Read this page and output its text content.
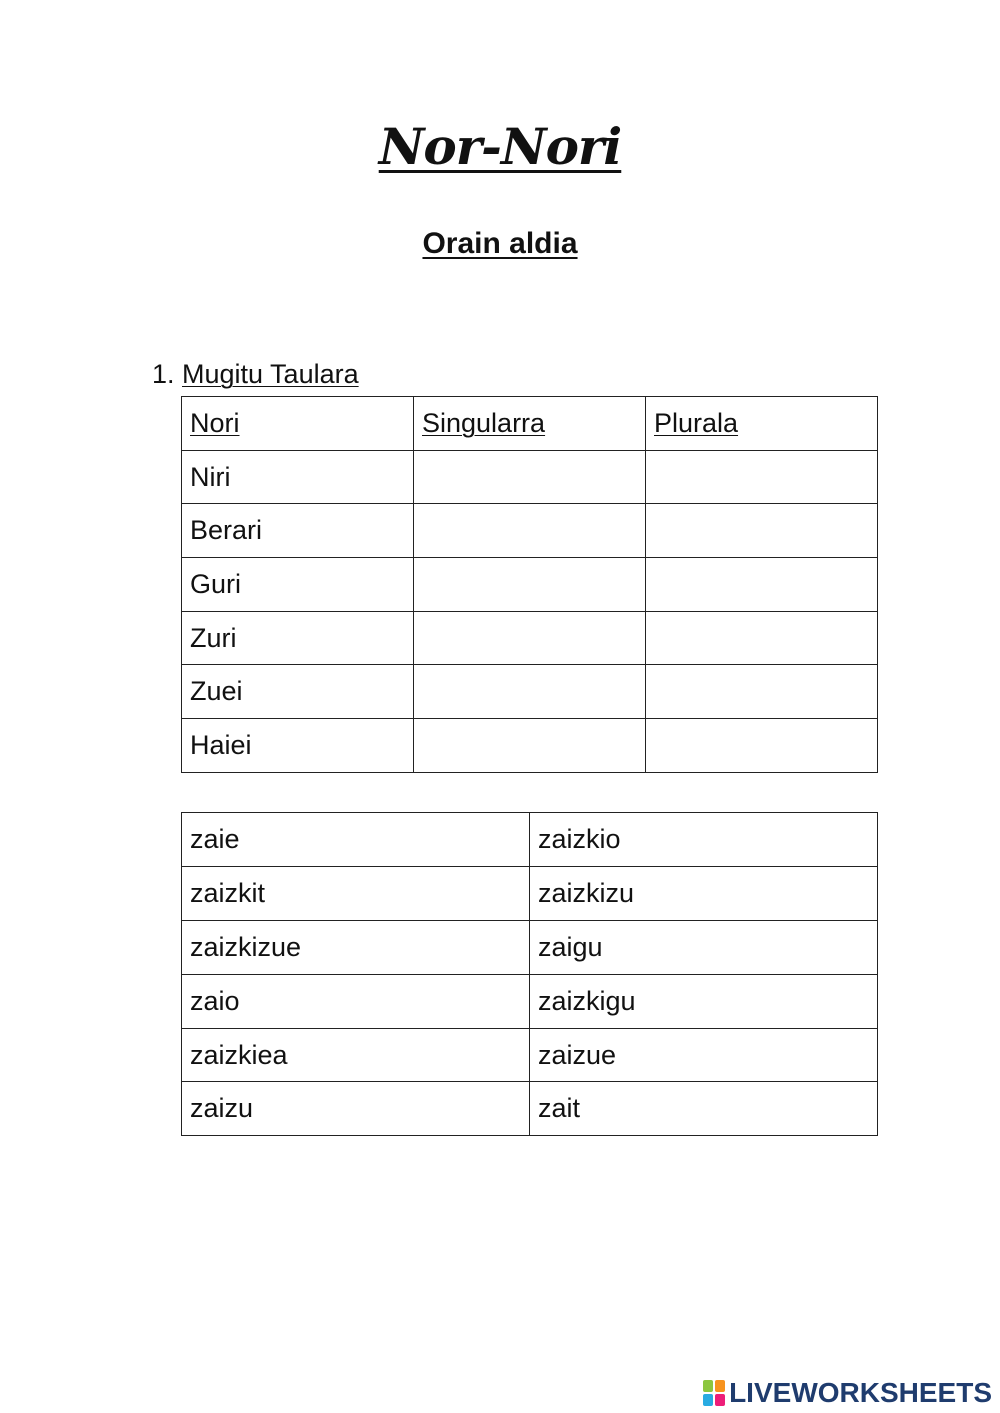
Nor-Nori
Orain aldia
1. Mugitu Taulara
Nori	Singularra	Plurala
Niri		
Berari		
Guri		
Zuri		
Zuei		
Haiei		
zaie	zaizkio
zaizkit	zaizkizu
zaizkizue	zaigu
zaio	zaizkigu
zaizkiea	zaizue
zaizu	zait
LIVEWORKSHEETS
